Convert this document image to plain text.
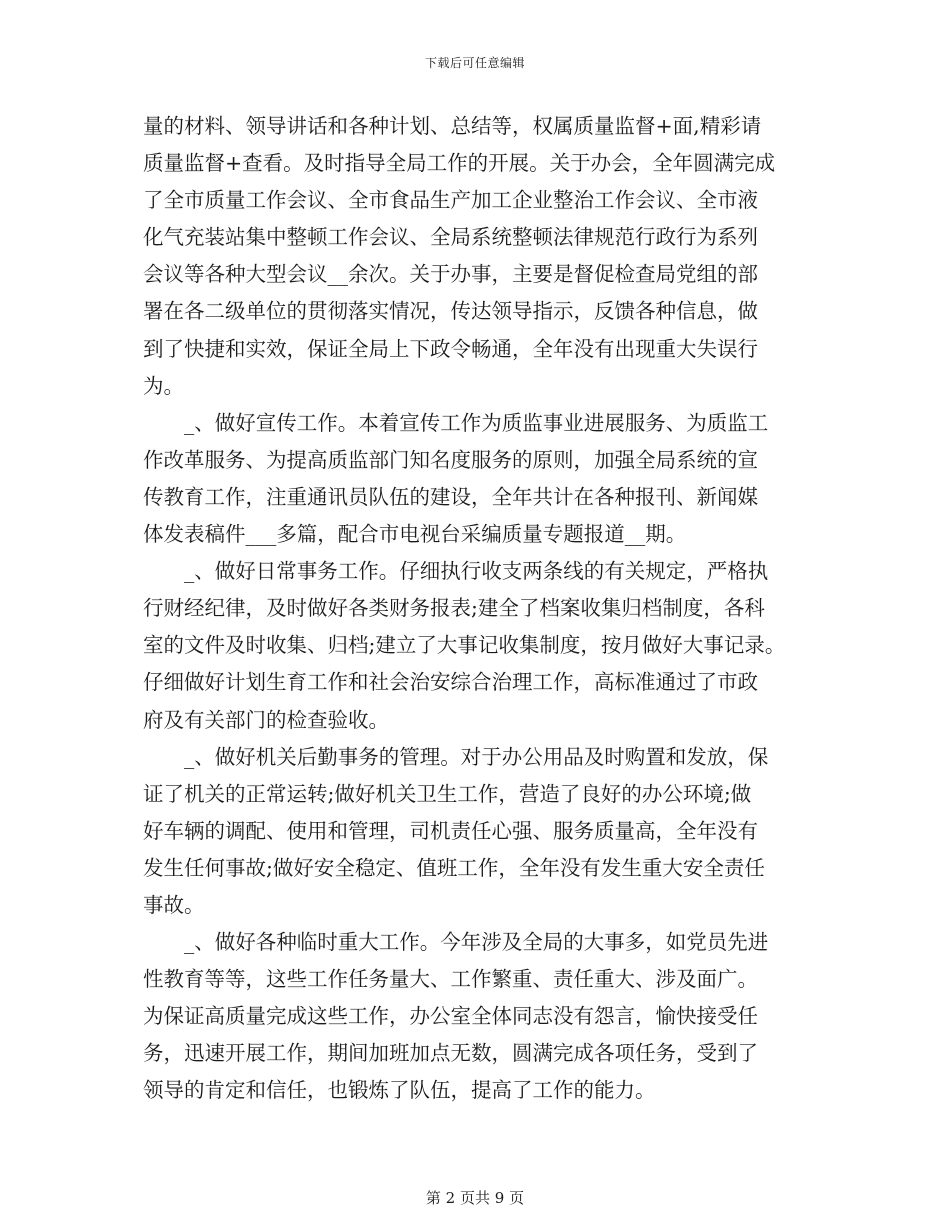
下载后可任意编辑
量的材料、领导讲话和各种计划、总结等，权属质量监督+面,精彩请
质量监督+查看。及时指导全局工作的开展。关于办会，全年圆满完成
了全市质量工作会议、全市食品生产加工企业整治工作会议、全市液
化气充装站集中整顿工作会议、全局系统整顿法律规范行政行为系列
会议等各种大型会议__余次。关于办事，主要是督促检查局党组的部
署在各二级单位的贯彻落实情况，传达领导指示，反馈各种信息，做
到了快捷和实效，保证全局上下政令畅通，全年没有出现重大失误行
为。
_、做好宣传工作。本着宣传工作为质监事业进展服务、为质监工
作改革服务、为提高质监部门知名度服务的原则，加强全局系统的宣
传教育工作，注重通讯员队伍的建设，全年共计在各种报刊、新闻媒
体发表稿件___多篇，配合市电视台采编质量专题报道__期。
_、做好日常事务工作。仔细执行收支两条线的有关规定，严格执
行财经纪律，及时做好各类财务报表;建全了档案收集归档制度，各科
室的文件及时收集、归档;建立了大事记收集制度，按月做好大事记录。
仔细做好计划生育工作和社会治安综合治理工作，高标准通过了市政
府及有关部门的检查验收。
_、做好机关后勤事务的管理。对于办公用品及时购置和发放，保
证了机关的正常运转;做好机关卫生工作，营造了良好的办公环境;做
好车辆的调配、使用和管理，司机责任心强、服务质量高，全年没有
发生任何事故;做好安全稳定、值班工作，全年没有发生重大安全责任
事故。
_、做好各种临时重大工作。今年涉及全局的大事多，如党员先进
性教育等等，这些工作任务量大、工作繁重、责任重大、涉及面广。
为保证高质量完成这些工作，办公室全体同志没有怨言，愉快接受任
务，迅速开展工作，期间加班加点无数，圆满完成各项任务，受到了
领导的肯定和信任，也锻炼了队伍，提高了工作的能力。
第 2 页共 9 页
